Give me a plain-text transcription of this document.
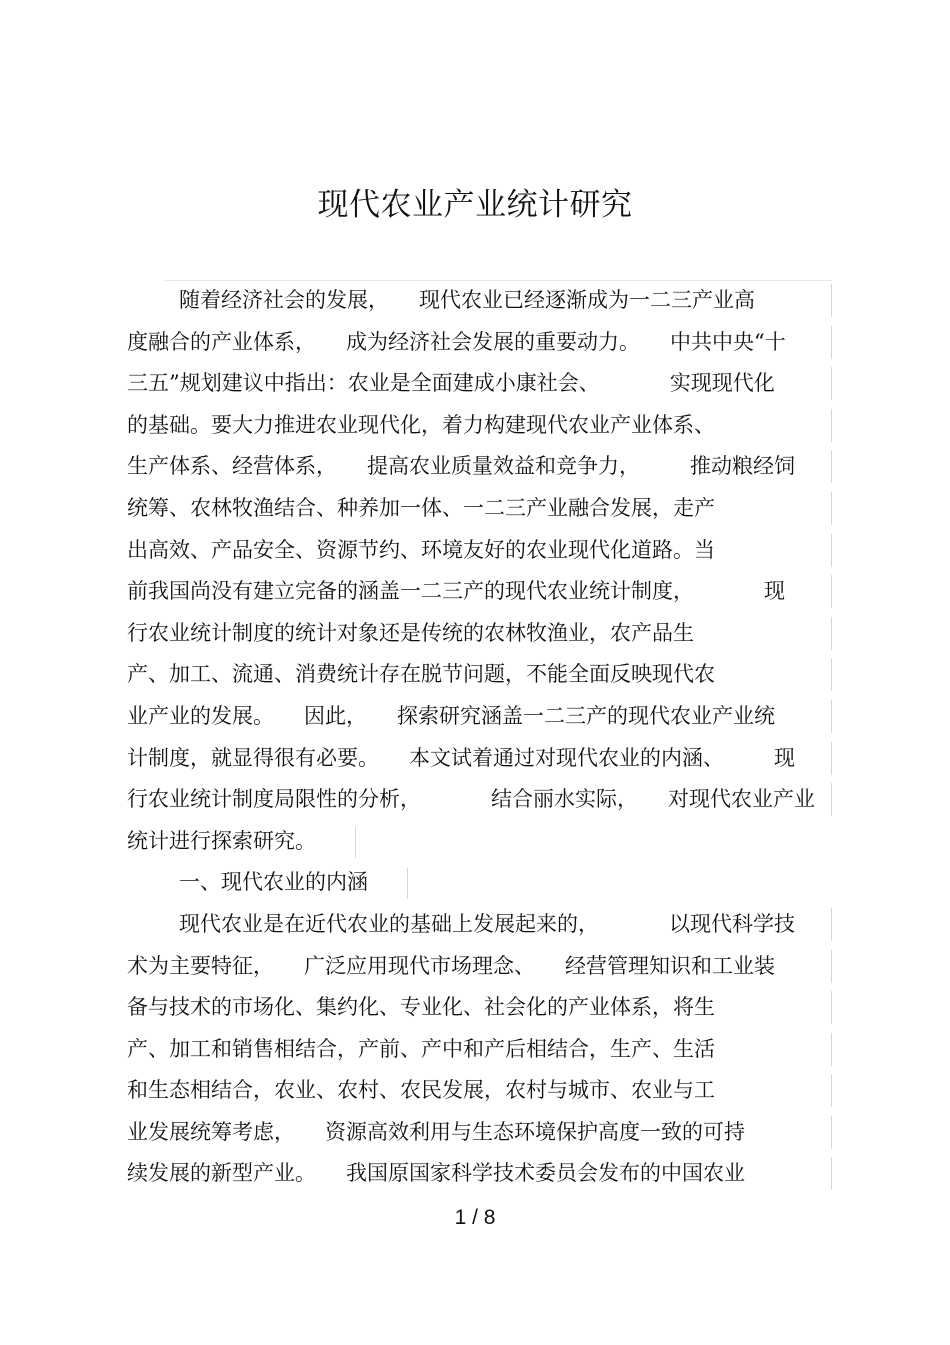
现代农业产业统计研究
随着经济社会的发展， 现代农业已经逐渐成为一二三产业高
度融合的产业体系， 成为经济社会发展的重要动力。 中共中央“十
三五”规划建议中指出：农业是全面建成小康社会、	实现现代化
的基础。要大力推进农业现代化，着力构建现代农业产业体系、
生产体系、经营体系， 提高农业质量效益和竞争力， 推动粮经饲
统筹、农林牧渔结合、种养加一体、一二三产业融合发展，走产
出高效、产品安全、资源节约、环境友好的农业现代化道路。当
前我国尚没有建立完备的涵盖一二三产的现代农业统计制度，	现
行农业统计制度的统计对象还是传统的农林牧渔业，农产品生
产、加工、流通、消费统计存在脱节问题，不能全面反映现代农
业产业的发展。 因此， 探索研究涵盖一二三产的现代农业产业统
计制度，就显得很有必要。 本文试着通过对现代农业的内涵、 现
行农业统计制度局限性的分析，	结合丽水实际， 对现代农业产业
统计进行探索研究。
一、现代农业的内涵
现代农业是在近代农业的基础上发展起来的，	以现代科学技
术为主要特征， 广泛应用现代市场理念、 经营管理知识和工业装
备与技术的市场化、集约化、专业化、社会化的产业体系，将生
产、加工和销售相结合，产前、产中和产后相结合，生产、生活
和生态相结合，农业、农村、农民发展，农村与城市、农业与工
业发展统筹考虑， 资源高效利用与生态环境保护高度一致的可持
续发展的新型产业。 我国原国家科学技术委员会发布的中国农业
1 / 8
